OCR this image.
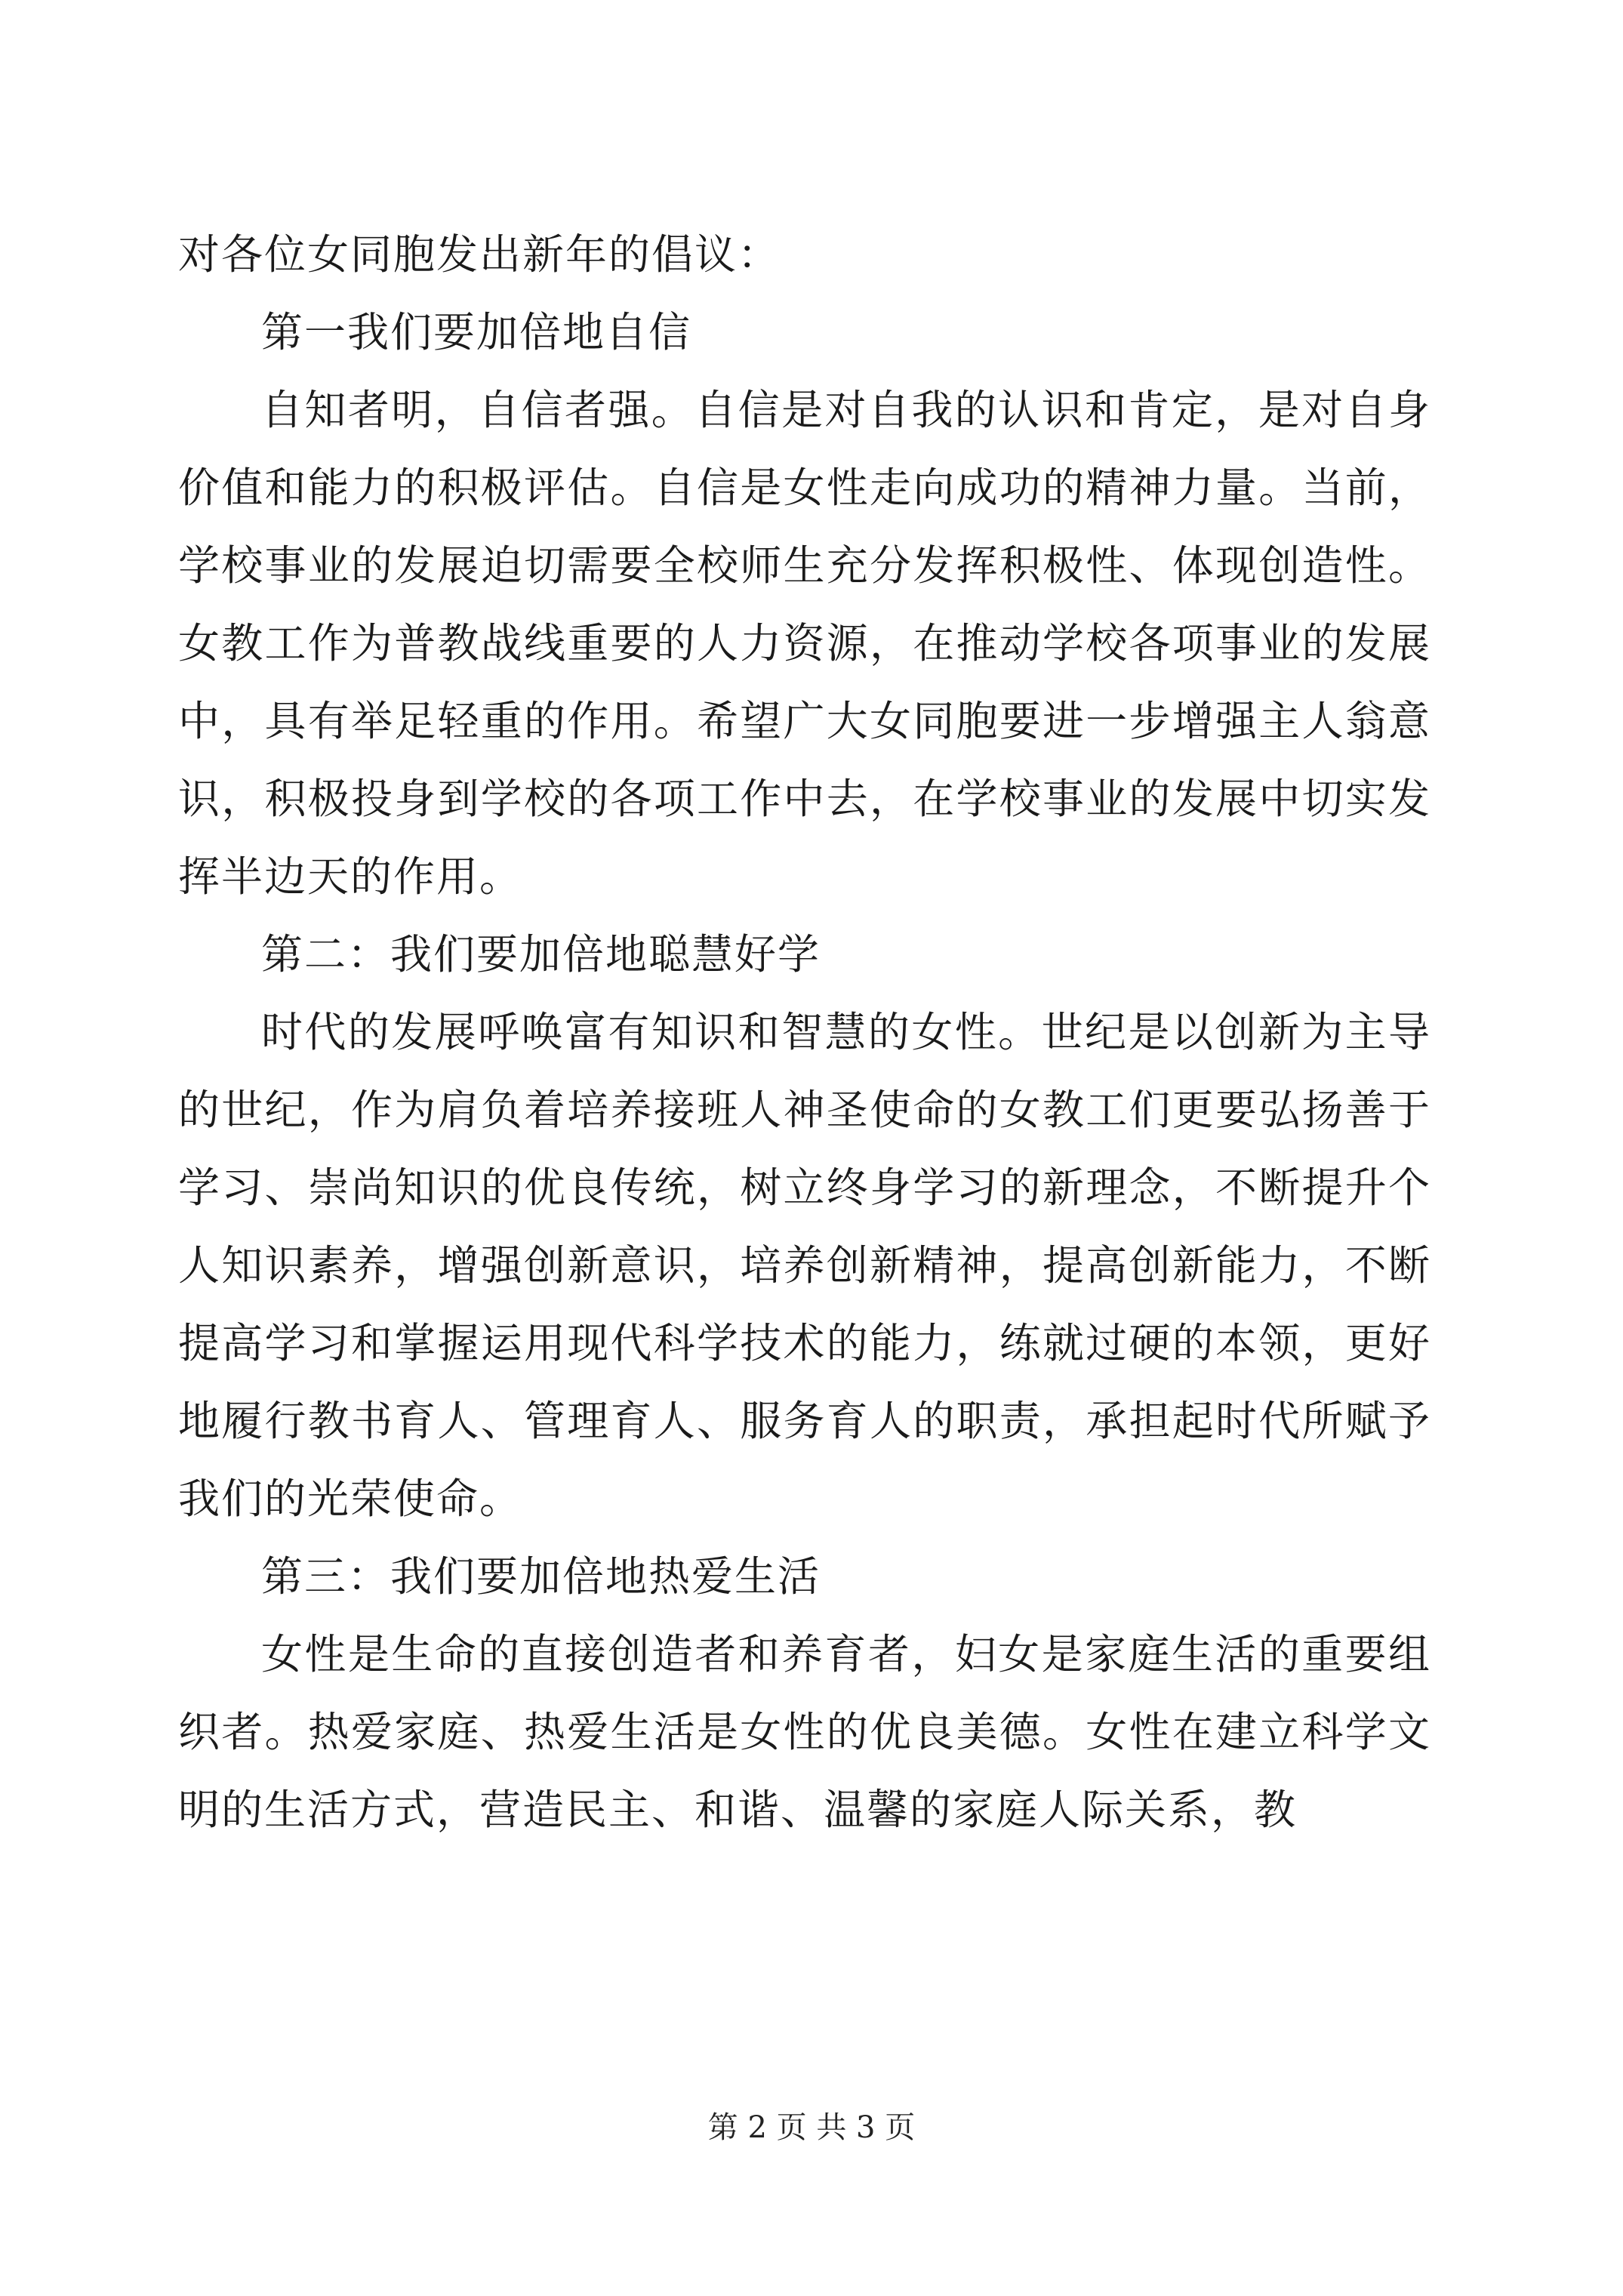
对各位女同胞发出新年的倡议：
第一我们要加倍地自信

自知者明，自信者强。自信是对自我的认识和肯定，是对自身价值和能力的积极评估。自信是女性走向成功的精神力量。当前，学校事业的发展迫切需要全校师生充分发挥积极性、体现创造性。女教工作为普教战线重要的人力资源，在推动学校各项事业的发展中，具有举足轻重的作用。希望广大女同胞要进一步增强主人翁意识，积极投身到学校的各项工作中去，在学校事业的发展中切实发挥半边天的作用。

第二：我们要加倍地聪慧好学

时代的发展呼唤富有知识和智慧的女性。世纪是以创新为主导的世纪，作为肩负着培养接班人神圣使命的女教工们更要弘扬善于学习、崇尚知识的优良传统，树立终身学习的新理念，不断提升个人知识素养，增强创新意识，培养创新精神，提高创新能力，不断提高学习和掌握运用现代科学技术的能力，练就过硬的本领，更好地履行教书育人、管理育人、服务育人的职责，承担起时代所赋予我们的光荣使命。

第三：我们要加倍地热爱生活

女性是生命的直接创造者和养育者，妇女是家庭生活的重要组织者。热爱家庭、热爱生活是女性的优良美德。女性在建立科学文明的生活方式，营造民主、和谐、温馨的家庭人际关系，教

第 2 页 共 3 页
